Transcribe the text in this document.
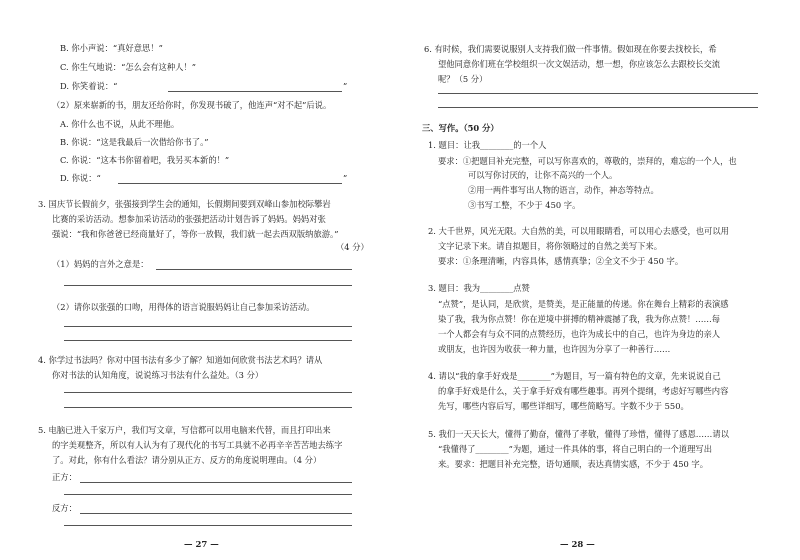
B. 你小声说：“真好意思！”
C. 你生气地说：“怎么会有这种人！”
D. 你笑着说：“	”
（2）原来崭新的书，朋友还给你时，你发现书破了，他连声“对不起”后说。
A. 你什么也不说，从此不理他。
B. 你说：“这是我最后一次借给你书了。”
C. 你说：“这本书你留着吧，我另买本新的！”
D. 你说：“	”
3. 国庆节长假前夕，张强接到学生会的通知，长假期间要到双峰山参加校际攀岩
比赛的采访活动。想参加采访活动的张强把活动计划告诉了妈妈。妈妈对张
强说：“我和你爸爸已经商量好了，等你一放假，我们就一起去西双版纳旅游。”
（4 分）
（1）妈妈的言外之意是：
（2）请你以张强的口吻，用得体的语言说服妈妈让自己参加采访活动。
4. 你学过书法吗？你对中国书法有多少了解？知道如何欣赏书法艺术吗？请从
你对书法的认知角度，说说练习书法有什么益处。（3 分）
5. 电脑已进入千家万户，我们写文章，写信都可以用电脑来代替，而且打印出来
的字美观整齐，所以有人认为有了现代化的书写工具就不必再辛辛苦苦地去练字
了。对此，你有什么看法？请分别从正方、反方的角度说明理由。（4 分）
正方：
反方：
— 27 —
6. 有时候，我们需要说服别人支持我们做一件事情。假如现在你要去找校长，希
望他同意你们班在学校组织一次文娱活动，想一想，你应该怎么去跟校长交流
呢？（5 分）
三、写作。（50 分）
1. 题目：让我________的一个人
要求：①把题目补充完整，可以写你喜欢的，尊敬的，崇拜的，难忘的一个人，也
可以写你讨厌的，让你不高兴的一个人。
②用一两件事写出人物的语言，动作，神态等特点。
③书写工整，不少于 450 字。
2. 大千世界，风光无限。大自然的美，可以用眼睛看，可以用心去感受，也可以用
文字记录下来。请自拟题目，将你领略过的自然之美写下来。
要求：①条理清晰，内容具体，感情真挚；②全文不少于 450 字。
3. 题目：我为________点赞
“点赞”，是认同，是欣赏，是赞美，是正能量的传递。你在舞台上精彩的表演感
染了我，我为你点赞！你在逆境中拼搏的精神震撼了我，我为你点赞！……每
一个人都会有与众不同的点赞经历，也许为成长中的自己，也许为身边的亲人
或朋友，也许因为收获一种力量，也许因为分享了一种善行……
4. 请以“我的拿手好戏是________”为题目，写一篇有特色的文章，先来说说自己
的拿手好戏是什么，关于拿手好戏有哪些趣事。再列个提纲，考虑好写哪些内容
先写，哪些内容后写，哪些详细写，哪些简略写。字数不少于 550。
5. 我们一天天长大，懂得了勤奋，懂得了孝敬，懂得了珍惜，懂得了感恩……请以
“我懂得了________”为题，通过一件具体的事，将自己明白的一个道理写出
来。要求：把题目补充完整，语句通顺，表达真情实感，不少于 450 字。
— 28 —
